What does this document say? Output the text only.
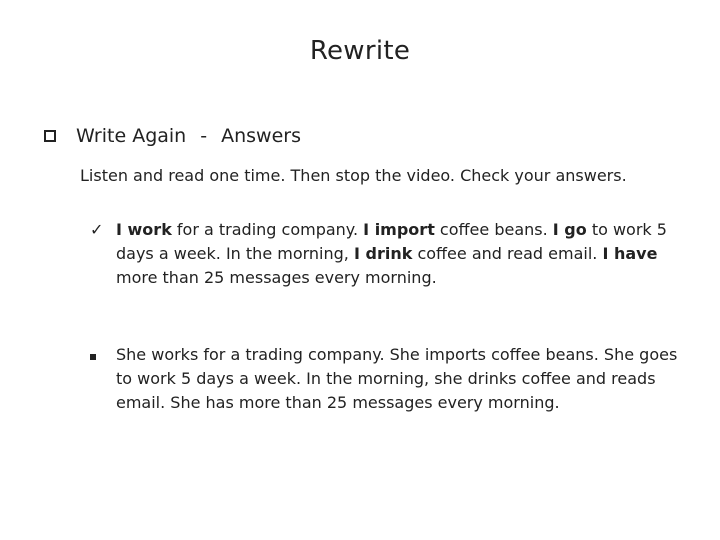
Rewrite
Write Again - Answers
Listen and read one time. Then stop the video. Check your answers.
✓ I work for a trading company. I import coffee beans. I go to work 5 days a week. In the morning, I drink coffee and read email. I have more than 25 messages every morning.
She works for a trading company. She imports coffee beans. She goes to work 5 days a week. In the morning, she drinks coffee and reads email. She has more than 25 messages every morning.
